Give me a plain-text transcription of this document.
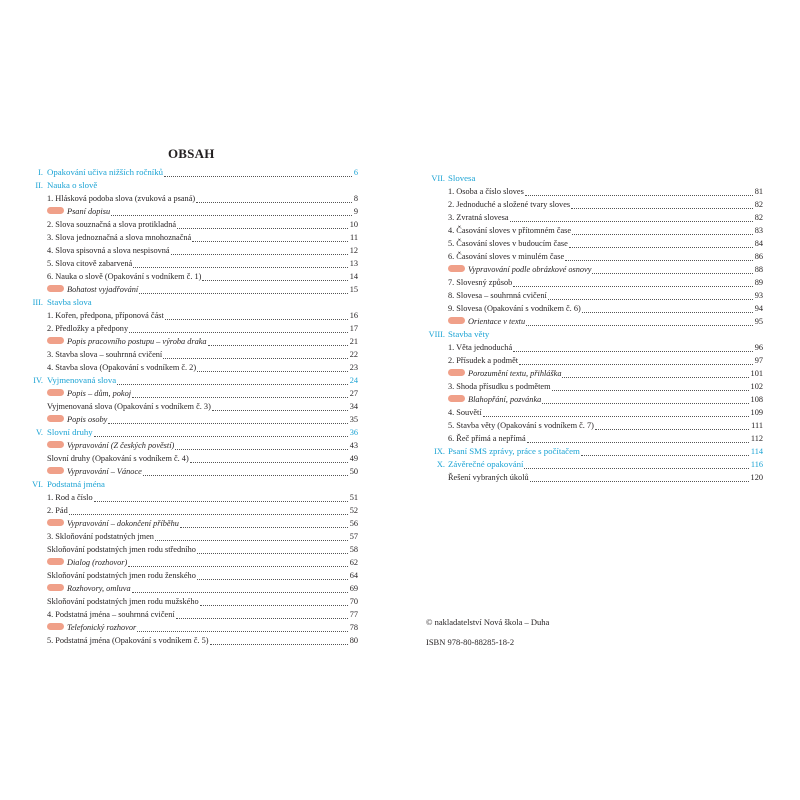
OBSAH
I. Opakování učiva nižších ročníků	6
II. Nauka o slově
1. Hlásková podoba slova (zvuková a psaná)	8
Psaní dopisu	9
2. Slova souznačná a slova protikladná	10
3. Slova jednoznačná a slova mnohoznačná	11
4. Slova spisovná a slova nespisovná	12
5. Slova citově zabarvená	13
6. Nauka o slově (Opakování s vodníkem č. 1)	14
Bohatost vyjadřování	15
III. Stavba slova
1. Kořen, předpona, příponová část	16
2. Předložky a předpony	17
Popis pracovního postupu – výroba draka	21
3. Stavba slova – souhrnná cvičení	22
4. Stavba slova (Opakování s vodníkem č. 2)	23
IV. Vyjmenovaná slova	24
Popis – dům, pokoj	27
Vyjmenovaná slova (Opakování s vodníkem č. 3)	34
Popis osoby	35
V. Slovní druhy	36
Vypravování (Z českých pověstí)	43
Slovní druhy (Opakování s vodníkem č. 4)	49
Vypravování – Vánoce	50
VI. Podstatná jména
1. Rod a číslo	51
2. Pád	52
Vypravování – dokončení příběhu	56
3. Skloňování podstatných jmen	57
Skloňování podstatných jmen rodu středního	58
Dialog (rozhovor)	62
Skloňování podstatných jmen rodu ženského	64
Rozhovory, omluva	69
Skloňování podstatných jmen rodu mužského	70
4. Podstatná jména – souhrnná cvičení	77
Telefonický rozhovor	78
5. Podstatná jména (Opakování s vodníkem č. 5)	80
VII. Slovesa
1. Osoba a číslo sloves	81
2. Jednoduché a složené tvary sloves	82
3. Zvratná slovesa	82
4. Časování sloves v přítomném čase	83
5. Časování sloves v budoucím čase	84
6. Časování sloves v minulém čase	86
Vypravování podle obrázkové osnovy	88
7. Slovesný způsob	89
8. Slovesa – souhrnná cvičení	93
9. Slovesa (Opakování s vodníkem č. 6)	94
Orientace v textu	95
VIII. Stavba věty
1. Věta jednoduchá	96
2. Přísudek a podmět	97
Porozumění textu, přihláška	101
3. Shoda přísudku s podmětem	102
Blahopřání, pozvánka	108
4. Souvětí	109
5. Stavba věty (Opakování s vodníkem č. 7)	111
6. Řeč přímá a nepřímá	112
IX. Psaní SMS zprávy, práce s počítačem	114
X. Závěrečné opakování	116
Řešení vybraných úkolů	120
© nakladatelství Nová škola – Duha
ISBN 978-80-88285-18-2
